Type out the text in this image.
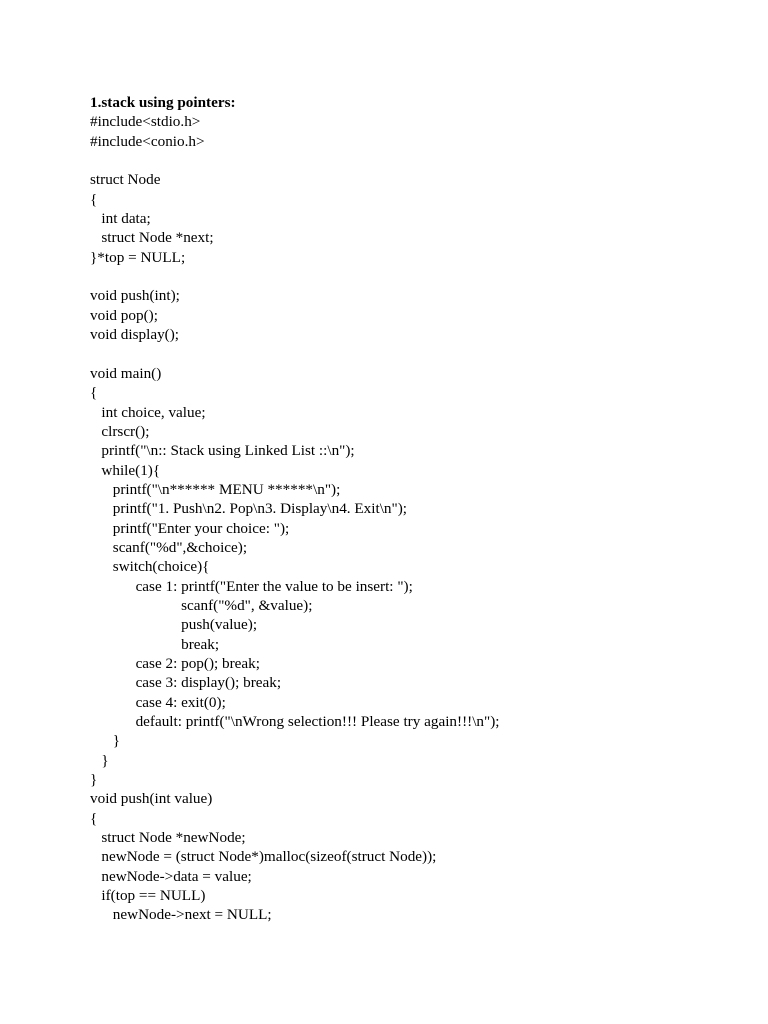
1.stack using pointers:
#include<stdio.h>
#include<conio.h>
struct Node
{
int data;
struct Node *next;
}*top = NULL;
void push(int);
void pop();
void display();
void main()
{
int choice, value;
clrscr();
printf("\n:: Stack using Linked List ::\n");
while(1){
printf("\n****** MENU ******\n");
printf("1. Push\n2. Pop\n3. Display\n4. Exit\n");
printf("Enter your choice: ");
scanf("%d",&choice);
switch(choice){
case 1: printf("Enter the value to be insert: ");
scanf("%d", &value);
push(value);
break;
case 2: pop(); break;
case 3: display(); break;
case 4: exit(0);
default: printf("\nWrong selection!!! Please try again!!!\n");
}
}
}
void push(int value)
{
struct Node *newNode;
newNode = (struct Node*)malloc(sizeof(struct Node));
newNode->data = value;
if(top == NULL)
newNode->next = NULL;
